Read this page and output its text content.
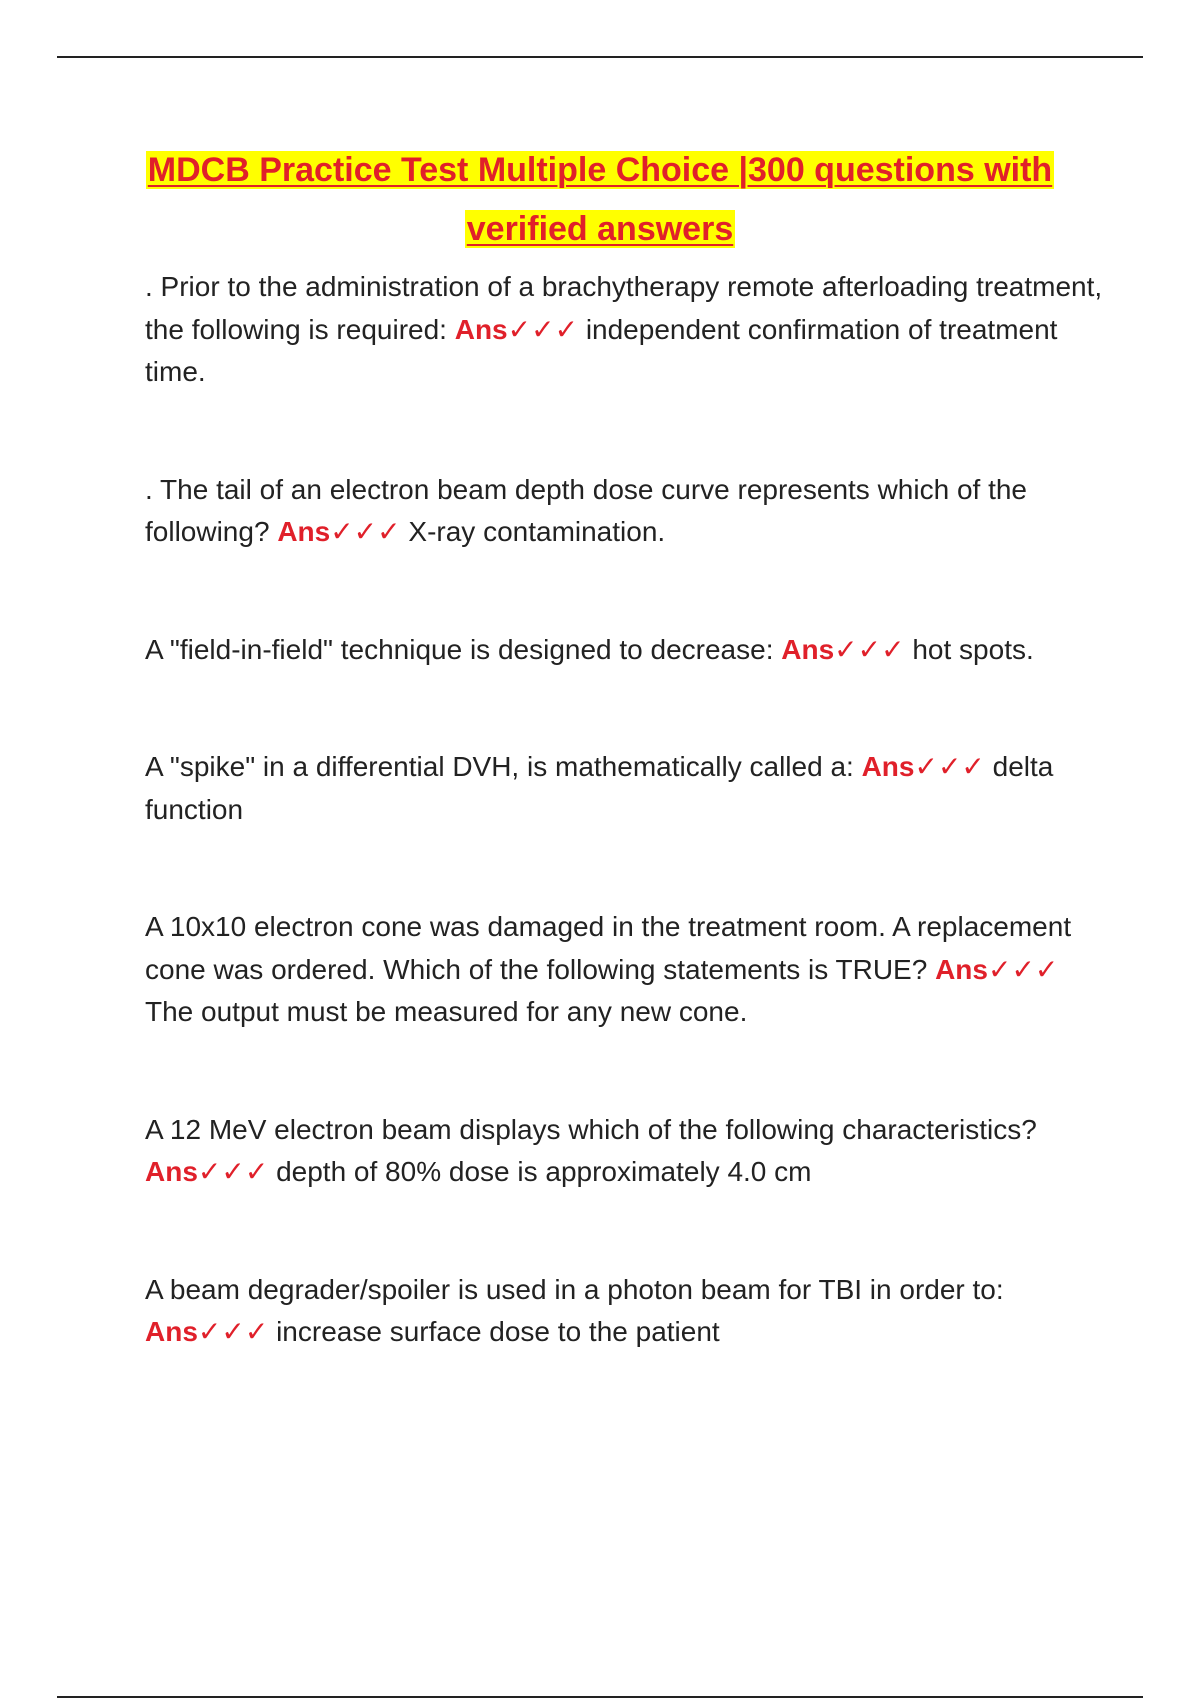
MDCB Practice Test Multiple Choice |300 questions with verified answers

. Prior to the administration of a brachytherapy remote afterloading treatment, the following is required: Ans✓✓✓ independent confirmation of treatment time.

. The tail of an electron beam depth dose curve represents which of the following? Ans✓✓✓ X-ray contamination.

A "field-in-field" technique is designed to decrease: Ans✓✓✓ hot spots.

A "spike" in a differential DVH, is mathematically called a: Ans✓✓✓ delta function

A 10x10 electron cone was damaged in the treatment room. A replacement cone was ordered. Which of the following statements is TRUE? Ans✓✓✓ The output must be measured for any new cone.

A 12 MeV electron beam displays which of the following characteristics? Ans✓✓✓ depth of 80% dose is approximately 4.0 cm

A beam degrader/spoiler is used in a photon beam for TBI in order to: Ans✓✓✓ increase surface dose to the patient
